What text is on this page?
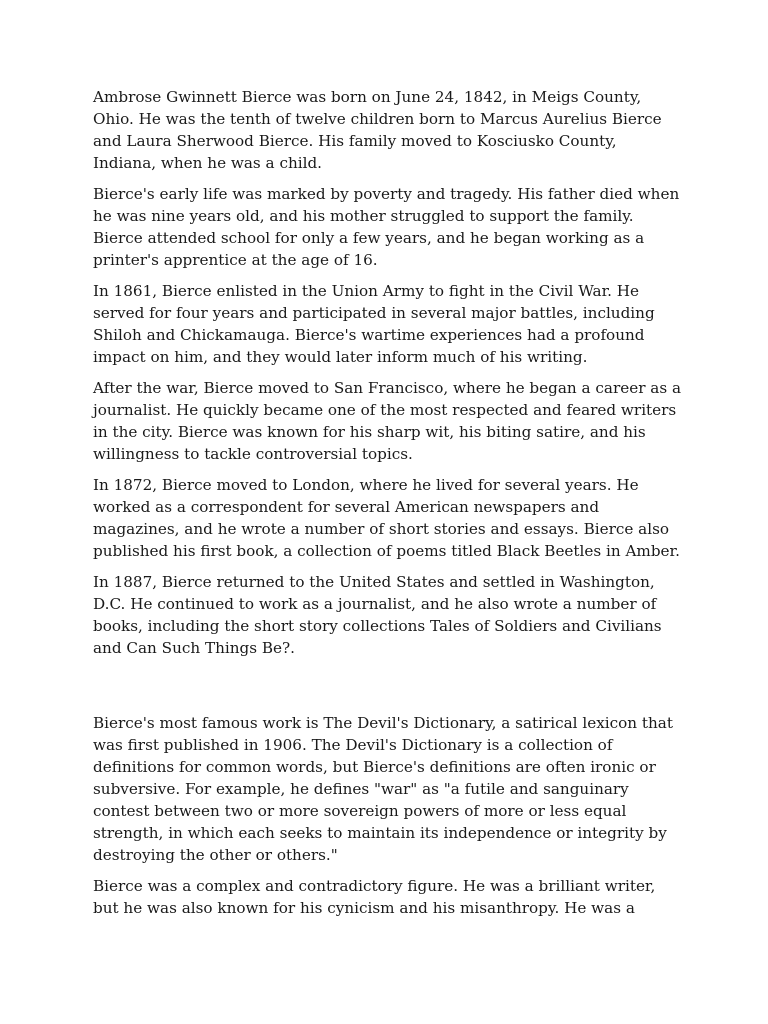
Ambrose Gwinnett Bierce was born on June 24, 1842, in Meigs County, Ohio. He was the tenth of twelve children born to Marcus Aurelius Bierce and Laura Sherwood Bierce. His family moved to Kosciusko County, Indiana, when he was a child.

Bierce's early life was marked by poverty and tragedy. His father died when he was nine years old, and his mother struggled to support the family. Bierce attended school for only a few years, and he began working as a printer's apprentice at the age of 16.

In 1861, Bierce enlisted in the Union Army to fight in the Civil War. He served for four years and participated in several major battles, including Shiloh and Chickamauga. Bierce's wartime experiences had a profound impact on him, and they would later inform much of his writing.

After the war, Bierce moved to San Francisco, where he began a career as a journalist. He quickly became one of the most respected and feared writers in the city. Bierce was known for his sharp wit, his biting satire, and his willingness to tackle controversial topics.

In 1872, Bierce moved to London, where he lived for several years. He worked as a correspondent for several American newspapers and magazines, and he wrote a number of short stories and essays. Bierce also published his first book, a collection of poems titled Black Beetles in Amber.

In 1887, Bierce returned to the United States and settled in Washington, D.C. He continued to work as a journalist, and he also wrote a number of books, including the short story collections Tales of Soldiers and Civilians and Can Such Things Be?.

Bierce's most famous work is The Devil's Dictionary, a satirical lexicon that was first published in 1906. The Devil's Dictionary is a collection of definitions for common words, but Bierce's definitions are often ironic or subversive. For example, he defines "war" as "a futile and sanguinary contest between two or more sovereign powers of more or less equal strength, in which each seeks to maintain its independence or integrity by destroying the other or others."

Bierce was a complex and contradictory figure. He was a brilliant writer, but he was also known for his cynicism and his misanthropy. He was a
